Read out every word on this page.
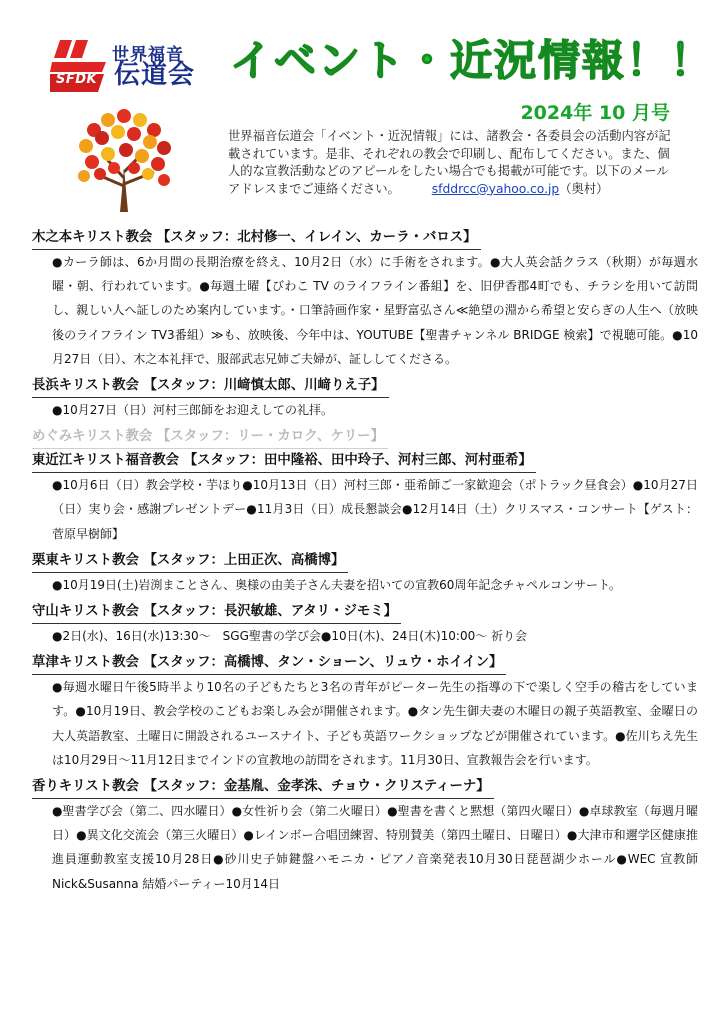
SFDK
世界福音
伝道会 イベント・近況情報！！
2024年 10 月号
世界福音伝道会「イベント・近況情報」には、諸教会・各委員会の活動内容が記載されています。是非、それぞれの教会で印刷し、配布してください。また、個人的な宣教活動などのアピールをしたい場合でも掲載が可能です。以下のメールアドレスまでご連絡ください。	sfddrcc@yahoo.co.jp（奥村）
木之本キリスト教会 【スタッフ：北村修一、イレイン、カーラ・バロス】
●カーラ師は、6か月間の長期治療を終え、10月2日（水）に手術をされます。●大人英会話クラス（秋期）が毎週水曜・朝、行われています。●毎週土曜【びわこ TV のライフライン番組】を、旧伊香郡4町でも、チラシを用いて訪問し、親しい人へ証しのため案内しています。・口筆詩画作家・星野富弘さん≪絶望の淵から希望と安らぎの人生へ（放映後のライフライン TV3番組）≫も、放映後、今年中は、YOUTUBE【聖書チャンネル BRIDGE 検索】で視聴可能。●10月27日（日）、木之本礼拝で、服部武志兄姉ご夫婦が、証ししてくださる。
長浜キリスト教会 【スタッフ：川﨑慎太郎、川﨑りえ子】
●10月27日（日）河村三郎師をお迎えしての礼拝。
めぐみキリスト教会 【スタッフ：リー・カロク、ケリー】
東近江キリスト福音教会 【スタッフ：田中隆裕、田中玲子、河村三郎、河村亜希】
●10月6日（日）教会学校・芋ほり●10月13日（日）河村三郎・亜希師ご一家歓迎会（ポトラック昼食会）●10月27日（日）実り会・感謝プレゼントデー●11月3日（日）成長懇談会●12月14日（土）クリスマス・コンサート【ゲスト：菅原早樹師】
栗東キリスト教会 【スタッフ：上田正次、高橋博】
●10月19日(土)岩渕まことさん、奥様の由美子さん夫妻を招いての宣教60周年記念チャペルコンサート。
守山キリスト教会 【スタッフ：長沢敏雄、アタリ・ジモミ】
●2日(水)、16日(水)13:30～　SGG聖書の学び会●10日(木)、24日(木)10:00～ 祈り会
草津キリスト教会 【スタッフ：高橋博、タン・ショーン、リュウ・ホイイン】
●毎週水曜日午後5時半より10名の子どもたちと3名の青年がピーター先生の指導の下で楽しく空手の稽古をしています。●10月19日、教会学校のこどもお楽しみ会が開催されます。●タン先生御夫妻の木曜日の親子英語教室、金曜日の大人英語教室、土曜日に開設されるユースナイト、子ども英語ワークショップなどが開催されています。●佐川ちえ先生は10月29日～11月12日までインドの宣教地の訪問をされます。11月30日、宣教報告会を行います。
香りキリスト教会 【スタッフ：金基胤、金孝洙、チョウ・クリスティーナ】
●聖書学び会（第二、四水曜日）●女性祈り会（第二火曜日）●聖書を書くと黙想（第四火曜日）●卓球教室（毎週月曜日）●異文化交流会（第三火曜日）●レインボー合唱団練習、特別賛美（第四土曜日、日曜日）●大津市和邇学区健康推進員運動教室支援10月28日●砂川史子姉鍵盤ハモニカ・ピアノ音楽発表10月30日琵琶湖少ホール●WEC 宣教師　Nick&Susanna 結婚パーティー10月14日
